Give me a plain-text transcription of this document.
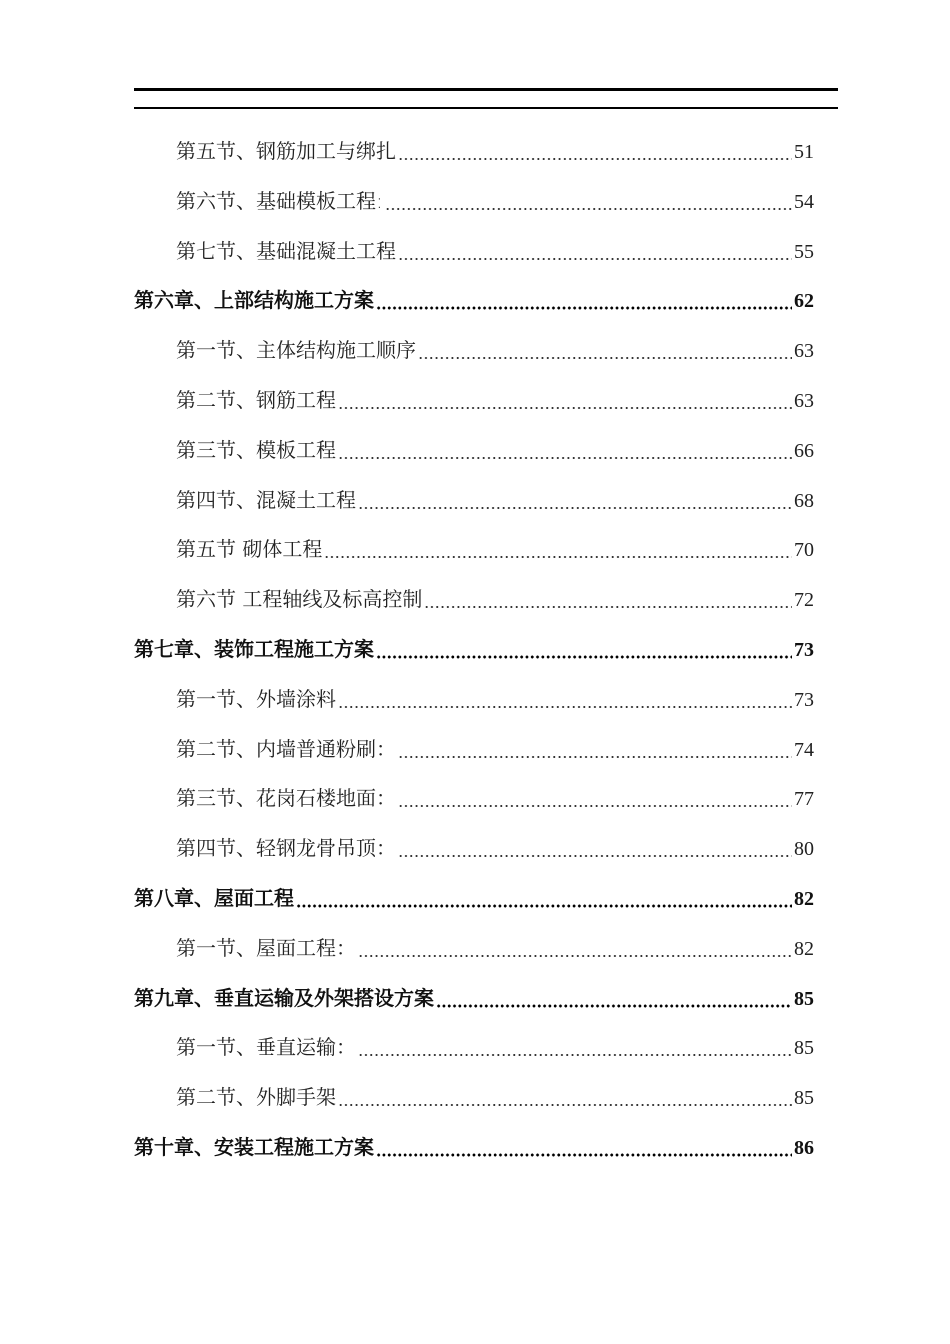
第五节、钢筋加工与绑扎	51
第六节、基础模板工程:	54
第七节、基础混凝土工程	55
第六章、上部结构施工方案	62
第一节、主体结构施工顺序	63
第二节、钢筋工程	63
第三节、模板工程	66
第四节、混凝土工程	68
第五节 砌体工程	70
第六节 工程轴线及标高控制	72
第七章、装饰工程施工方案	73
第一节、外墙涂料	73
第二节、内墙普通粉刷：	74
第三节、花岗石楼地面：	77
第四节、轻钢龙骨吊顶：	80
第八章、屋面工程	82
第一节、屋面工程：	82
第九章、垂直运输及外架搭设方案	85
第一节、垂直运输：	85
第二节、外脚手架	85
第十章、安装工程施工方案	86
